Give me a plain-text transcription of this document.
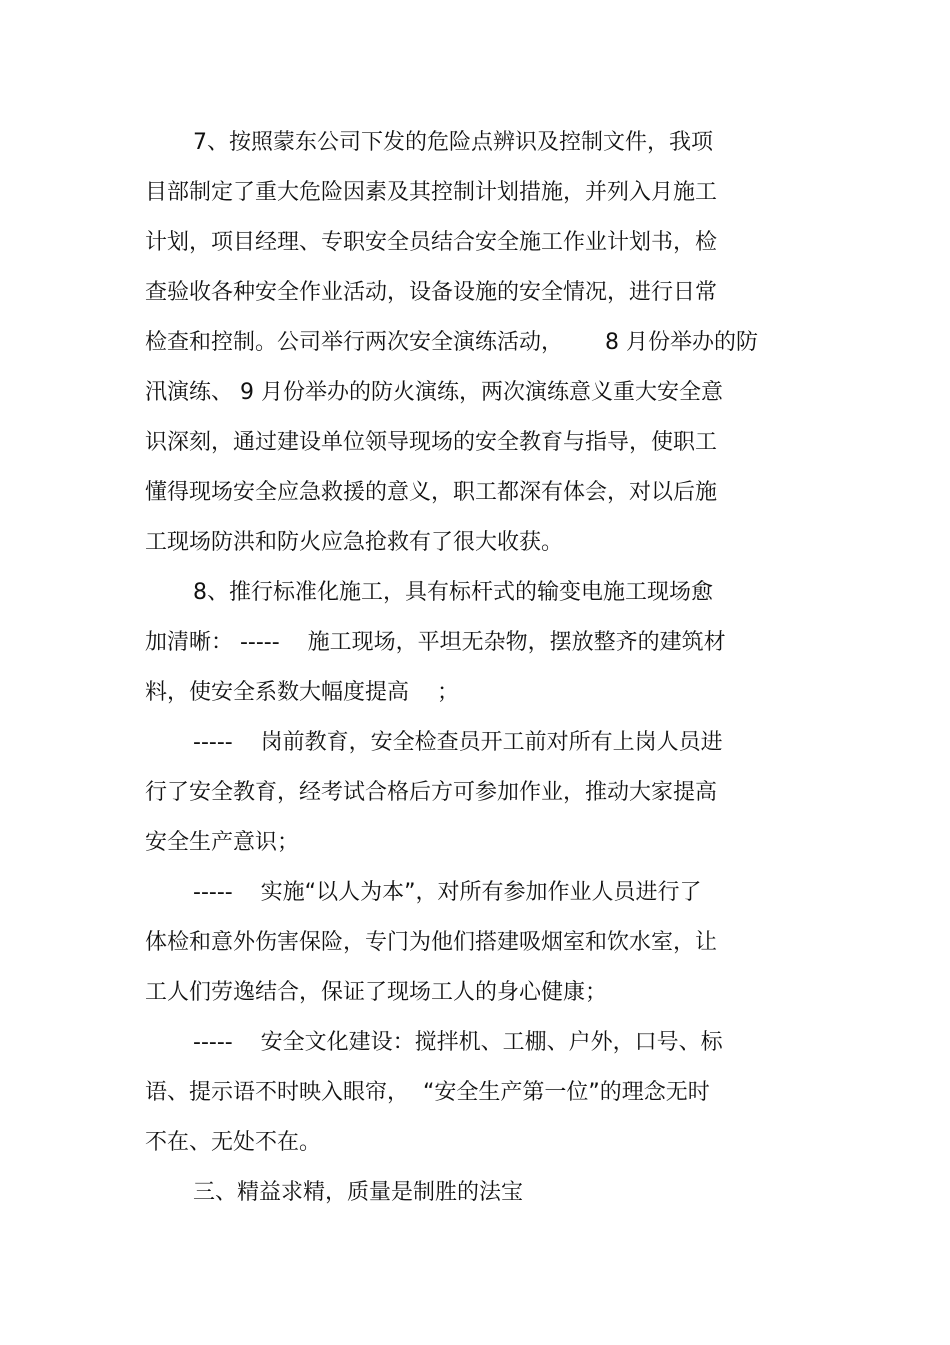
7、按照蒙东公司下发的危险点辨识及控制文件，我项
目部制定了重大危险因素及其控制计划措施，并列入月施工
计划，项目经理、专职安全员结合安全施工作业计划书，检
查验收各种安全作业活动，设备设施的安全情况，进行日常
检查和控制。公司举行两次安全演练活动，      8 月份举办的防
汛演练、 9 月份举办的防火演练，两次演练意义重大安全意
识深刻，通过建设单位领导现场的安全教育与指导，使职工
懂得现场安全应急救援的意义，职工都深有体会，对以后施
工现场防洪和防火应急抢救有了很大收获。
8、推行标准化施工，具有标杆式的输变电施工现场愈
加清晰： -----    施工现场，平坦无杂物，摆放整齐的建筑材
料，使安全系数大幅度提高    ；
-----    岗前教育，安全检查员开工前对所有上岗人员进
行了安全教育，经考试合格后方可参加作业，推动大家提高
安全生产意识；
-----    实施“以人为本”，对所有参加作业人员进行了
体检和意外伤害保险，专门为他们搭建吸烟室和饮水室，让
工人们劳逸结合，保证了现场工人的身心健康；
-----    安全文化建设：搅拌机、工棚、户外，口号、标
语、提示语不时映入眼帘，  “安全生产第一位”的理念无时
不在、无处不在。
三、精益求精，质量是制胜的法宝
